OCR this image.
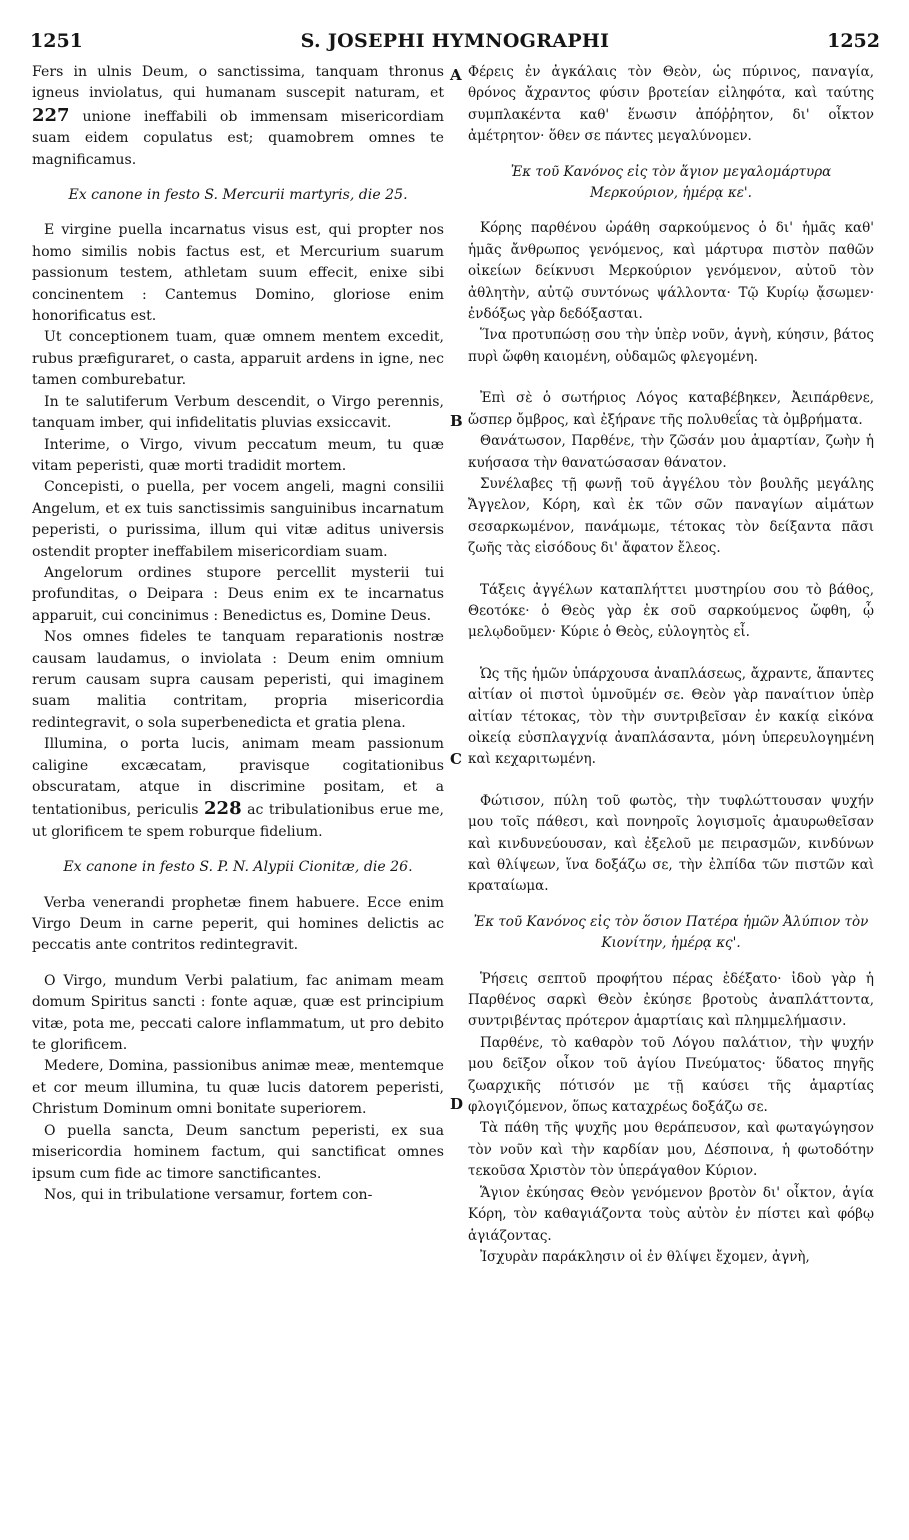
1251	S. JOSEPHI HYMNOGRAPHI	1252
A
B
C
D

Fers in ulnis Deum, o sanctissima, tanquam thronus igneus inviolatus, qui humanam suscepit naturam, et 227 unione ineffabili ob immensam misericordiam suam eidem copulatus est; quamobrem omnes te magnificamus.

Ex canone in festo S. Mercurii martyris, die 25.

E virgine puella incarnatus visus est, qui propter nos homo similis nobis factus est, et Mercurium suarum passionum testem, athletam suum effecit, enixe sibi concinentem : Cantemus Domino, gloriose enim honorificatus est.

Ut conceptionem tuam, quæ omnem mentem excedit, rubus præfiguraret, o casta, apparuit ardens in igne, nec tamen comburebatur.

In te salutiferum Verbum descendit, o Virgo perennis, tanquam imber, qui infidelitatis pluvias exsiccavit.

Interime, o Virgo, vivum peccatum meum, tu quæ vitam peperisti, quæ morti tradidit mortem.

Concepisti, o puella, per vocem angeli, magni consilii Angelum, et ex tuis sanctissimis sanguinibus incarnatum peperisti, o purissima, illum qui vitæ aditus universis ostendit propter ineffabilem misericordiam suam.

Angelorum ordines stupore percellit mysterii tui profunditas, o Deipara : Deus enim ex te incarnatus apparuit, cui concinimus : Benedictus es, Domine Deus.

Nos omnes fideles te tanquam reparationis nostræ causam laudamus, o inviolata : Deum enim omnium rerum causam supra causam peperisti, qui imaginem suam malitia contritam, propria misericordia redintegravit, o sola superbenedicta et gratia plena.

Illumina, o porta lucis, animam meam passionum caligine excæcatam, pravisque cogitationibus obscuratam, atque in discrimine positam, et a tentationibus, periculis 228 ac tribulationibus erue me, ut glorificem te spem roburque fidelium.

Ex canone in festo S. P. N. Alypii Cionitæ, die 26.

Verba venerandi prophetæ finem habuere. Ecce enim Virgo Deum in carne peperit, qui homines delictis ac peccatis ante contritos redintegravit.

O Virgo, mundum Verbi palatium, fac animam meam domum Spiritus sancti : fonte aquæ, quæ est principium vitæ, pota me, peccati calore inflammatum, ut pro debito te glorificem.

Medere, Domina, passionibus animæ meæ, mentemque et cor meum illumina, tu quæ lucis datorem peperisti, Christum Dominum omni bonitate superiorem.

O puella sancta, Deum sanctum peperisti, ex sua misericordia hominem factum, qui sanctificat omnes ipsum cum fide ac timore sanctificantes.

Nos, qui in tribulatione versamur, fortem con-

Φέρεις ἐν ἀγκάλαις τὸν Θεὸν, ὡς πύρινος, παναγία, θρόνος ἄχραντος φύσιν βροτείαν εἰληφότα, καὶ ταύτης συμπλακέντα καθ' ἕνωσιν ἀπόῤῥητον, δι' οἶκτον ἀμέτρητον· ὅθεν σε πάντες μεγαλύνομεν.

Ἐκ τοῦ Κανόνος εἰς τὸν ἅγιον μεγαλομάρτυρα Μερκούριον, ἡμέρᾳ κε'.

Κόρης παρθένου ὠράθη σαρκούμενος ὁ δι' ἡμᾶς καθ' ἡμᾶς ἄνθρωπος γενόμενος, καὶ μάρτυρα πιστὸν παθῶν οἰκείων δείκνυσι Μερκούριον γενόμενον, αὐτοῦ τὸν ἀθλητὴν, αὐτῷ συντόνως ψάλλοντα· Τῷ Κυρίῳ ᾄσωμεν· ἐνδόξως γὰρ δεδόξασται.

Ἵνα προτυπώσῃ σου τὴν ὑπὲρ νοῦν, ἁγνὴ, κύησιν, βάτος πυρὶ ὤφθη καιομένη, οὐδαμῶς φλεγομένη.

Ἐπὶ σὲ ὁ σωτήριος Λόγος καταβέβηκεν, Ἀειπάρθενε, ὥσπερ ὄμβρος, καὶ ἐξήρανε τῆς πολυθεΐας τὰ ὀμβρήματα.

Θανάτωσον, Παρθένε, τὴν ζῶσάν μου ἁμαρτίαν, ζωὴν ἡ κυήσασα τὴν θανατώσασαν θάνατον.

Συνέλαβες τῇ φωνῇ τοῦ ἀγγέλου τὸν βουλῆς μεγάλης Ἄγγελον, Κόρη, καὶ ἐκ τῶν σῶν παναγίων αἱμάτων σεσαρκωμένον, πανάμωμε, τέτοκας τὸν δείξαντα πᾶσι ζωῆς τὰς εἰσόδους δι' ἄφατον ἔλεος.

Τάξεις ἀγγέλων καταπλήττει μυστηρίου σου τὸ βάθος, Θεοτόκε· ὁ Θεὸς γὰρ ἐκ σοῦ σαρκούμενος ὤφθη, ᾧ μελῳδοῦμεν· Κύριε ὁ Θεὸς, εὐλογητὸς εἶ.

Ὡς τῆς ἡμῶν ὑπάρχουσα ἀναπλάσεως, ἄχραντε, ἅπαντες αἰτίαν οἱ πιστοὶ ὑμνοῦμέν σε. Θεὸν γὰρ παναίτιον ὑπὲρ αἰτίαν τέτοκας, τὸν τὴν συντριβεῖσαν ἐν κακίᾳ εἰκόνα οἰκείᾳ εὐσπλαγχνίᾳ ἀναπλάσαντα, μόνη ὑπερευλογημένη καὶ κεχαριτωμένη.

Φώτισον, πύλη τοῦ φωτὸς, τὴν τυφλώττουσαν ψυχήν μου τοῖς πάθεσι, καὶ πονηροῖς λογισμοῖς ἀμαυρωθεῖσαν καὶ κινδυνεύουσαν, καὶ ἐξελοῦ με πειρασμῶν, κινδύνων καὶ θλίψεων, ἵνα δοξάζω σε, τὴν ἐλπίδα τῶν πιστῶν καὶ κραταίωμα.

Ἐκ τοῦ Κανόνος εἰς τὸν ὅσιον Πατέρα ἡμῶν Ἀλύπιον τὸν Κιονίτην, ἡμέρᾳ κς'.

Ῥήσεις σεπτοῦ προφήτου πέρας ἐδέξατο· ἰδοὺ γὰρ ἡ Παρθένος σαρκὶ Θεὸν ἐκύησε βροτοὺς ἀναπλάττοντα, συντριβέντας πρότερον ἁμαρτίαις καὶ πλημμελήμασιν.

Παρθένε, τὸ καθαρὸν τοῦ Λόγου παλάτιον, τὴν ψυχήν μου δεῖξον οἶκον τοῦ ἁγίου Πνεύματος· ὕδατος πηγῆς ζωαρχικῆς πότισόν με τῇ καύσει τῆς ἁμαρτίας φλογιζόμενον, ὅπως καταχρέως δοξάζω σε.

Τὰ πάθη τῆς ψυχῆς μου θεράπευσον, καὶ φωταγώγησον τὸν νοῦν καὶ τὴν καρδίαν μου, Δέσποινα, ἡ φωτοδότην τεκοῦσα Χριστὸν τὸν ὑπεράγαθον Κύριον.

Ἅγιον ἐκύησας Θεὸν γενόμενον βροτὸν δι' οἶκτον, ἁγία Κόρη, τὸν καθαγιάζοντα τοὺς αὐτὸν ἐν πίστει καὶ φόβῳ ἁγιάζοντας.

Ἰσχυρὰν παράκλησιν οἱ ἐν θλίψει ἔχομεν, ἁγνὴ,
